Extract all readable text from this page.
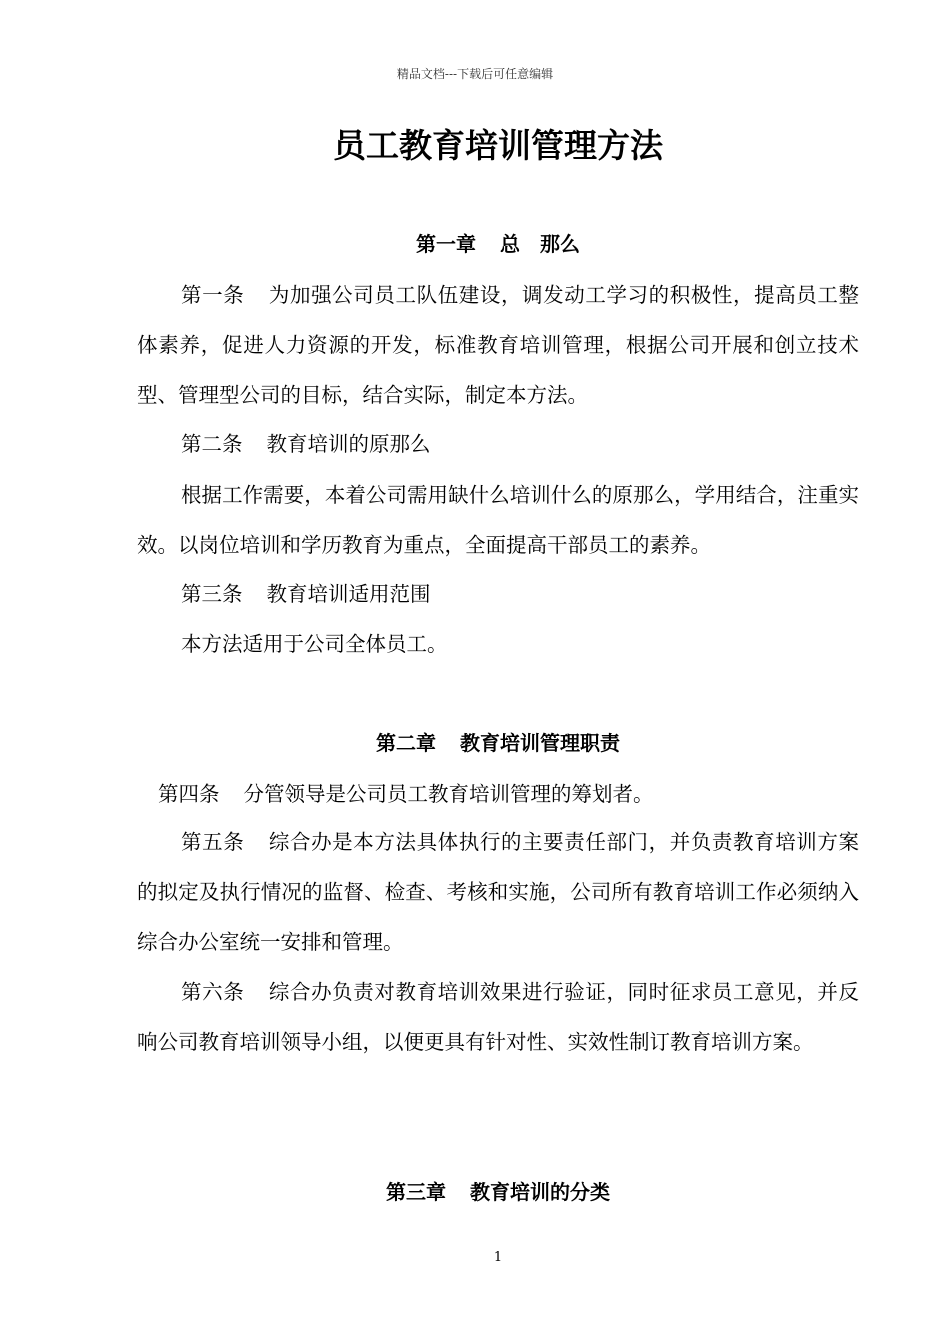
精品文档---下载后可任意编辑
员工教育培训管理方法
第一章 总　那么

第一条 为加强公司员工队伍建设，调发动工学习的积极性，提高员工整体素养，促进人力资源的开发，标准教育培训管理，根据公司开展和创立技术型、管理型公司的目标，结合实际，制定本方法。

第二条 教育培训的原那么

根据工作需要，本着公司需用缺什么培训什么的原那么，学用结合，注重实效。以岗位培训和学历教育为重点，全面提高干部员工的素养。

第三条 教育培训适用范围
本方法适用于公司全体员工。
第二章 教育培训管理职责
第四条 分管领导是公司员工教育培训管理的筹划者。

第五条 综合办是本方法具体执行的主要责任部门，并负责教育培训方案的拟定及执行情况的监督、检查、考核和实施，公司所有教育培训工作必须纳入综合办公室统一安排和管理。

第六条 综合办负责对教育培训效果进行验证，同时征求员工意见，并反响公司教育培训领导小组，以便更具有针对性、实效性制订教育培训方案。

第三章 教育培训的分类
1
